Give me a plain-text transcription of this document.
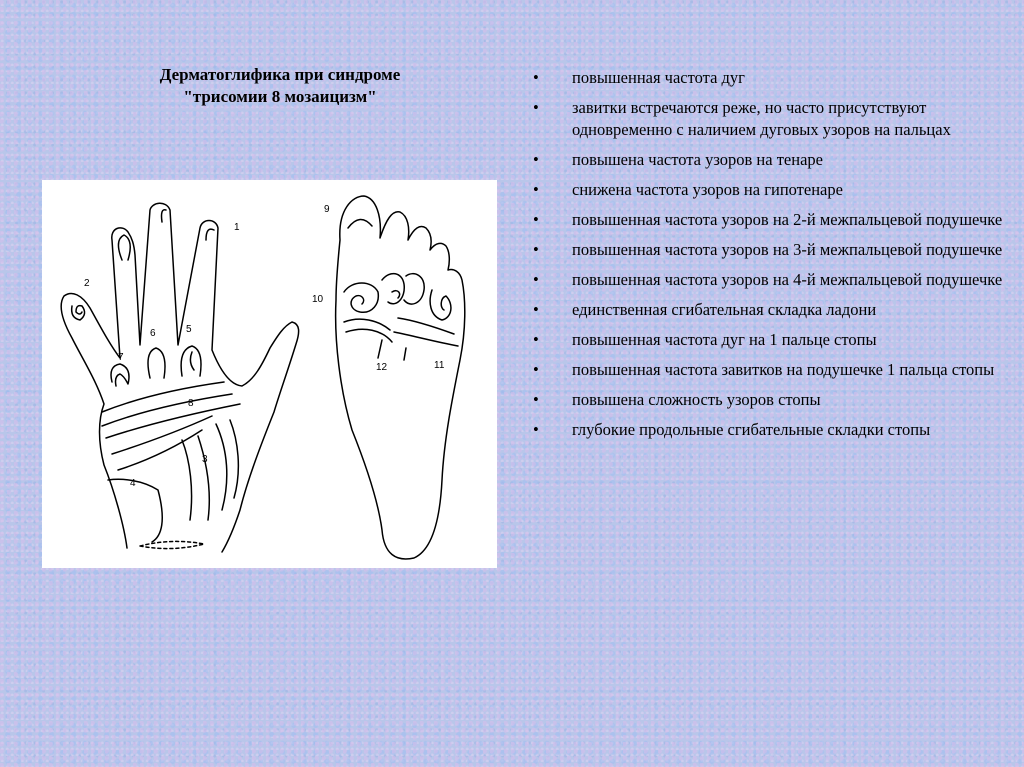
Дерматоглифика при синдроме
"трисомии 8 мозаицизм"
1
2
3
4
5
6
7
8
9
10
11
12
• повышенная частота дуг
• завитки встречаются реже, но часто присутствуют одновременно с наличием дуговых узоров на пальцах
• повышена частота узоров на тенаре
• снижена частота узоров на гипотенаре
• повышенная частота узоров на 2-й межпальцевой подушечке
• повышенная частота узоров на 3-й межпальцевой подушечке
• повышенная частота узоров на 4-й межпальцевой подушечке
• единственная сгибательная складка ладони
• повышенная частота дуг на 1 пальце стопы
• повышенная частота завитков на подушечке 1 пальца стопы
• повышена сложность узоров стопы
• глубокие продольные сгибательные складки стопы
